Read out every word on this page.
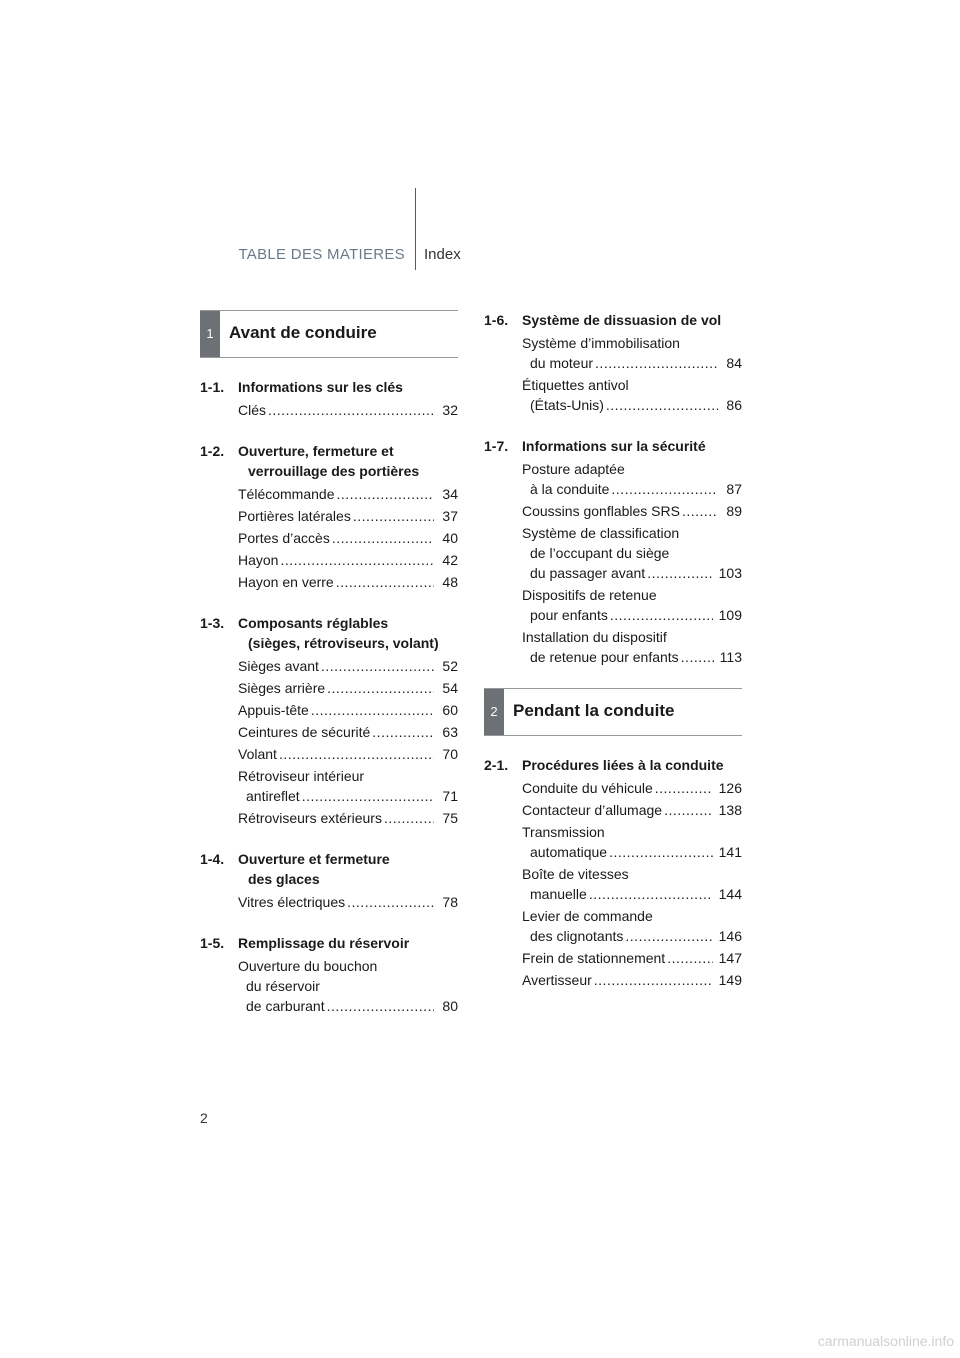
TABLE DES MATIERES Index
1 Avant de conduire
1-1. Informations sur les clés
Clés .....	32
1-2. Ouverture, fermeture et
verrouillage des portières
Télécommande .....	34
Portières latérales .....	37
Portes d’accès .....	40
Hayon .....	42
Hayon en verre .....	48
1-3. Composants réglables
(sièges, rétroviseurs, volant)
Sièges avant .....	52
Sièges arrière .....	54
Appuis-tête .....	60
Ceintures de sécurité .....	63
Volant .....	70
Rétroviseur intérieur
antireflet .....	71
Rétroviseurs extérieurs .....	75
1-4. Ouverture et fermeture
des glaces
Vitres électriques .....	78
1-5. Remplissage du réservoir
Ouverture du bouchon
du réservoir
de carburant .....	80
1-6. Système de dissuasion de vol
Système d’immobilisation
du moteur .....	84
Étiquettes antivol
(États-Unis) .....	86
1-7. Informations sur la sécurité
Posture adaptée
à la conduite .....	87
Coussins gonflables SRS .....	89
Système de classification
de l’occupant du siège
du passager avant .....	103
Dispositifs de retenue
pour enfants .....	109
Installation du dispositif
de retenue pour enfants .....	113
2 Pendant la conduite
2-1. Procédures liées à la conduite
Conduite du véhicule .....	126
Contacteur d’allumage .....	138
Transmission
automatique .....	141
Boîte de vitesses
manuelle .....	144
Levier de commande
des clignotants .....	146
Frein de stationnement .....	147
Avertisseur .....	149
2
carmanualsonline.info
